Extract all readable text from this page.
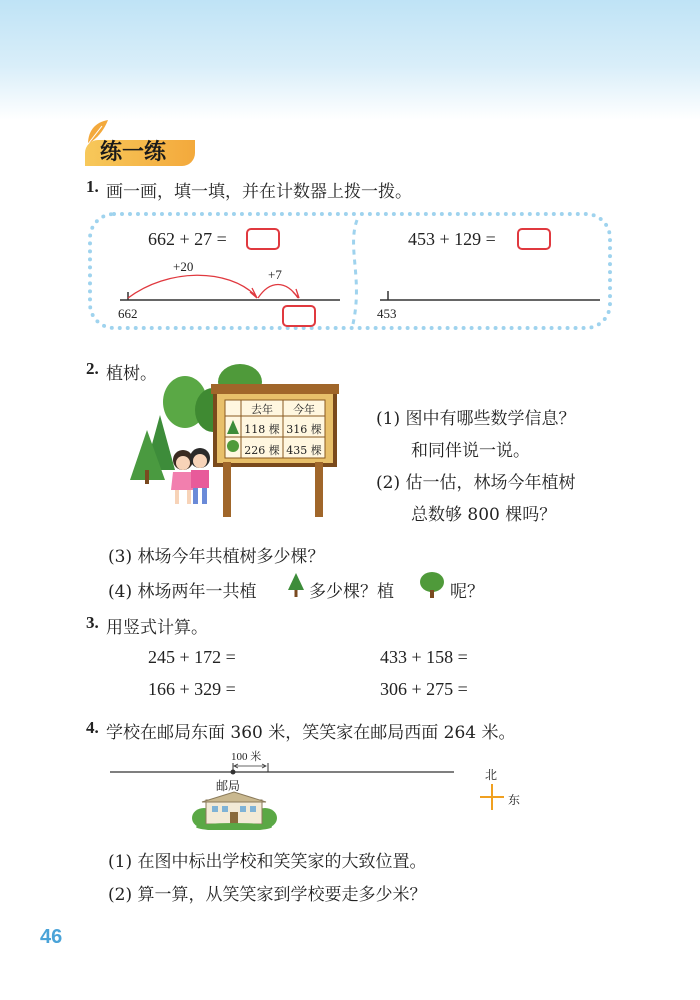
练一练
1. 画一画，填一填，并在计数器上拨一拨。
662 + 27 =
+20
+7
662
453 + 129 =
453
2. 植树。
去年	今年
118 棵 316 棵
226 棵 435 棵
(1) 图中有哪些数学信息？
和同伴说一说。
(2) 估一估，林场今年植树
总数够 800 棵吗？
(3) 林场今年共植树多少棵？
(4) 林场两年一共植	多少棵？植	呢？
3. 用竖式计算。
245 + 172 =	433 + 158 =
166 + 329 =	306 + 275 =
4. 学校在邮局东面 360 米，笑笑家在邮局西面 264 米。
100 米
邮局
北
东
(1) 在图中标出学校和笑笑家的大致位置。
(2) 算一算，从笑笑家到学校要走多少米？
46
